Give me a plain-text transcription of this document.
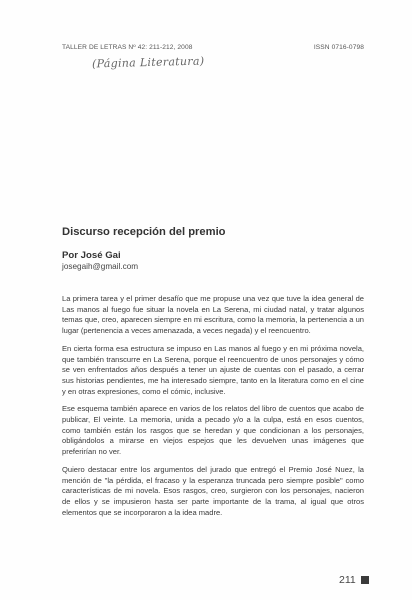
TALLER DE LETRAS Nº 42: 211-212, 2008	ISSN 0716-0798
(Página Literatura)
Discurso recepción del premio
Por José Gai
josegaih@gmail.com

La primera tarea y el primer desafío que me propuse una vez que tuve la idea general de Las manos al fuego fue situar la novela en La Serena, mi ciudad natal, y tratar algunos temas que, creo, aparecen siempre en mi escritura, como la memoria, la pertenencia a un lugar (pertenencia a veces amenazada, a veces negada) y el reencuentro.

En cierta forma esa estructura se impuso en Las manos al fuego y en mi próxima novela, que también transcurre en La Serena, porque el reencuentro de unos personajes y cómo se ven enfrentados años después a tener un ajuste de cuentas con el pasado, a cerrar sus historias pendientes, me ha interesado siempre, tanto en la literatura como en el cine y en otras expresiones, como el cómic, inclusive.

Ese esquema también aparece en varios de los relatos del libro de cuentos que acabo de publicar, El veinte. La memoria, unida a pecado y/o a la culpa, está en esos cuentos, como también están los rasgos que se heredan y que condicionan a los personajes, obligándolos a mirarse en viejos espejos que les devuelven unas imágenes que preferirían no ver.

Quiero destacar entre los argumentos del jurado que entregó el Premio José Nuez, la mención de "la pérdida, el fracaso y la esperanza truncada pero siempre posible" como características de mi novela. Esos rasgos, creo, surgieron con los personajes, nacieron de ellos y se impusieron hasta ser parte importante de la trama, al igual que otros elementos que se incorporaron a la idea madre.

211
